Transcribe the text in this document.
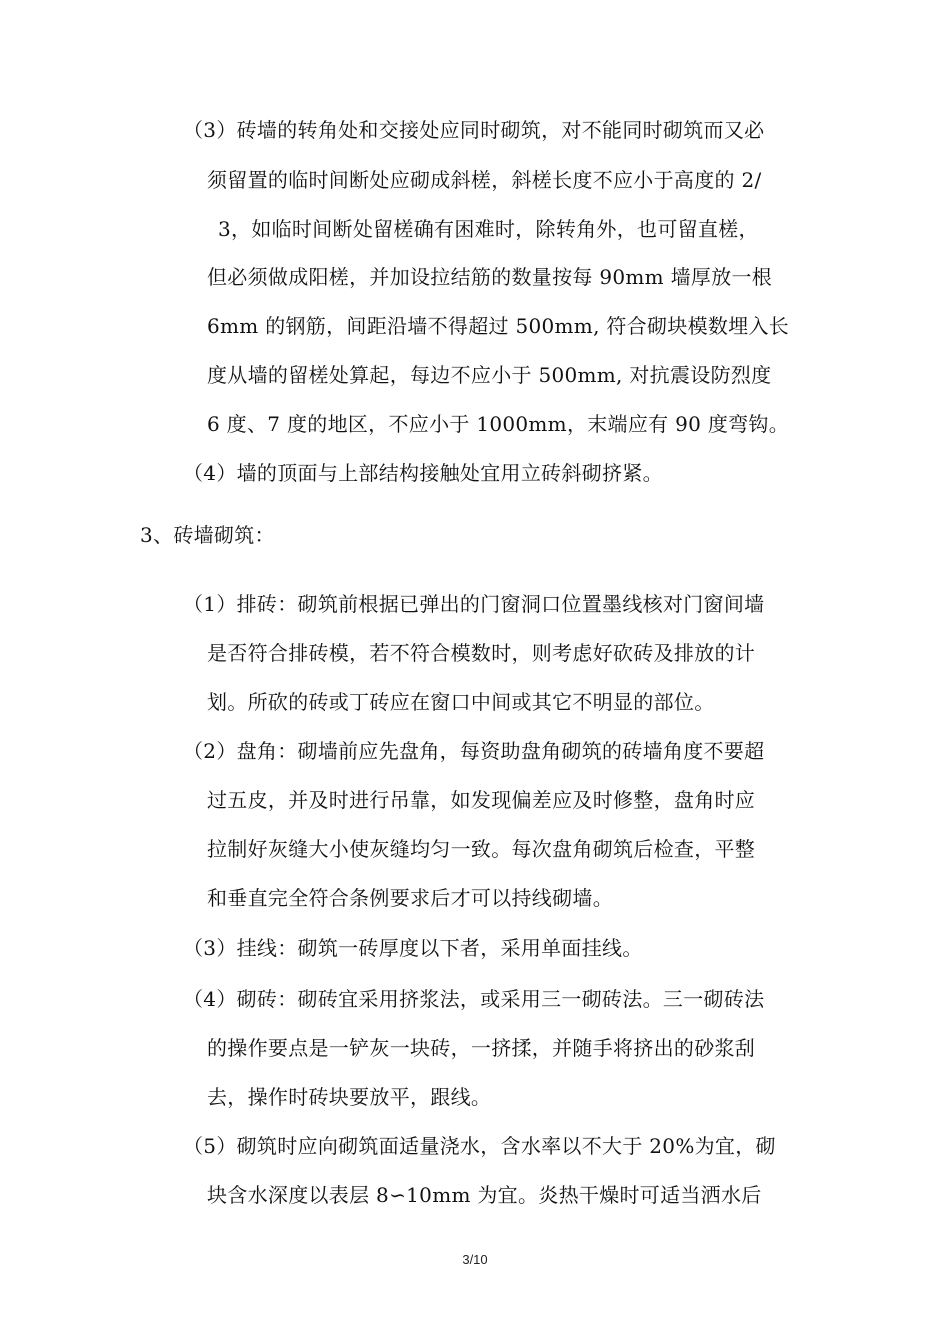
（3）砖墙的转角处和交接处应同时砌筑，对不能同时砌筑而又必
须留置的临时间断处应砌成斜槎，斜槎长度不应小于高度的 2/
3，如临时间断处留槎确有困难时，除转角外，也可留直槎，
但必须做成阳槎，并加设拉结筋的数量按每 90mm 墙厚放一根
6mm 的钢筋，间距沿墙不得超过 500mm, 符合砌块模数埋入长
度从墙的留槎处算起，每边不应小于 500mm, 对抗震设防烈度
6 度、7 度的地区，不应小于 1000mm，末端应有 90 度弯钩。
（4）墙的顶面与上部结构接触处宜用立砖斜砌挤紧。
3、砖墙砌筑：
（1）排砖：砌筑前根据已弹出的门窗洞口位置墨线核对门窗间墙
是否符合排砖模，若不符合模数时，则考虑好砍砖及排放的计
划。所砍的砖或丁砖应在窗口中间或其它不明显的部位。
（2）盘角：砌墙前应先盘角，每资助盘角砌筑的砖墙角度不要超
过五皮，并及时进行吊靠，如发现偏差应及时修整，盘角时应
拉制好灰缝大小使灰缝均匀一致。每次盘角砌筑后检查，平整
和垂直完全符合条例要求后才可以持线砌墙。
（3）挂线：砌筑一砖厚度以下者，采用单面挂线。
（4）砌砖：砌砖宜采用挤浆法，或采用三一砌砖法。三一砌砖法
的操作要点是一铲灰一块砖，一挤揉，并随手将挤出的砂浆刮
去，操作时砖块要放平，跟线。
（5）砌筑时应向砌筑面适量浇水，含水率以不大于 20%为宜，砌
块含水深度以表层 8∽10mm 为宜。炎热干燥时可适当洒水后
3/10
